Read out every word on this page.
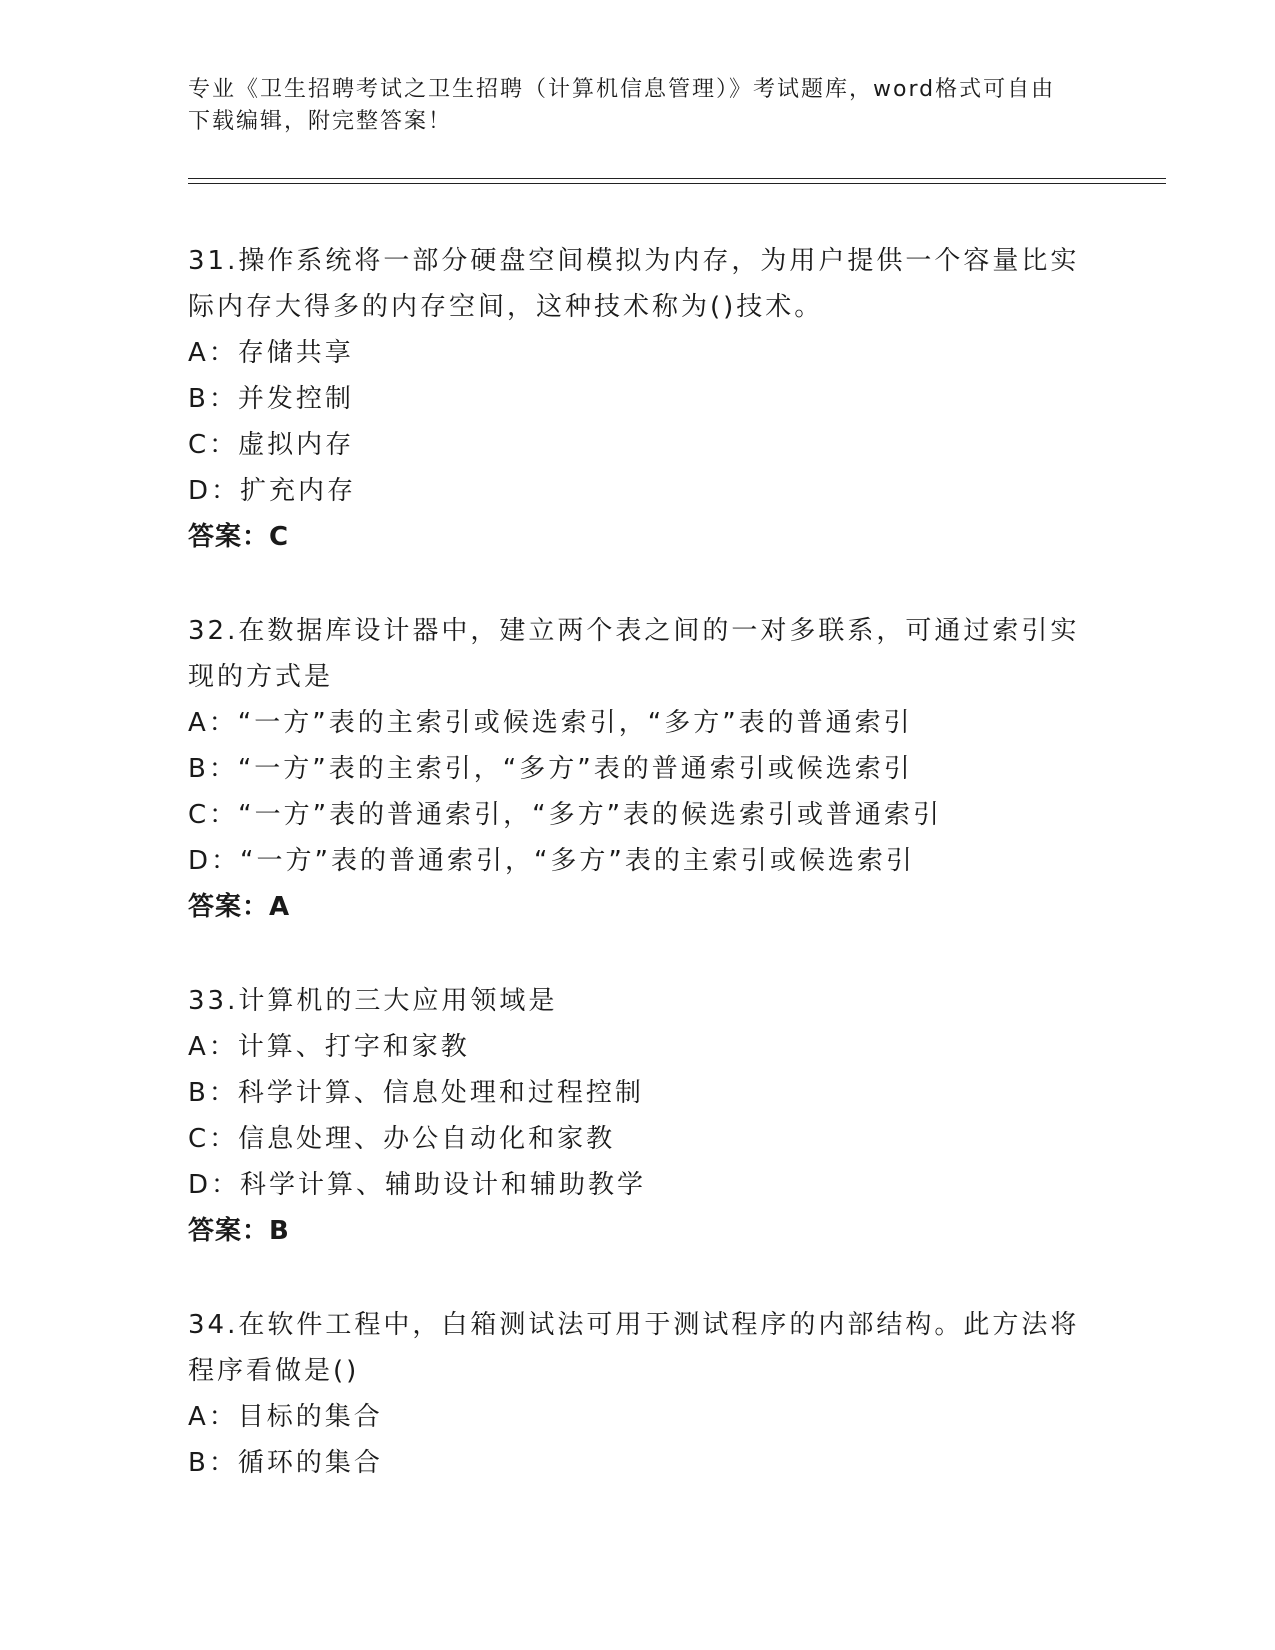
专业《卫生招聘考试之卫生招聘（计算机信息管理）》考试题库，word格式可自由下载编辑，附完整答案！

31.操作系统将一部分硬盘空间模拟为内存，为用户提供一个容量比实际内存大得多的内存空间，这种技术称为()技术。

A：存储共享

B：并发控制

C：虚拟内存

D：扩充内存

答案：C

32.在数据库设计器中，建立两个表之间的一对多联系，可通过索引实现的方式是

A：“一方”表的主索引或候选索引，“多方”表的普通索引

B：“一方”表的主索引，“多方”表的普通索引或候选索引

C：“一方”表的普通索引，“多方”表的候选索引或普通索引

D：“一方”表的普通索引，“多方”表的主索引或候选索引

答案：A

33.计算机的三大应用领域是

A：计算、打字和家教

B：科学计算、信息处理和过程控制

C：信息处理、办公自动化和家教

D：科学计算、辅助设计和辅助教学

答案：B

34.在软件工程中，白箱测试法可用于测试程序的内部结构。此方法将程序看做是()

A：目标的集合

B：循环的集合
